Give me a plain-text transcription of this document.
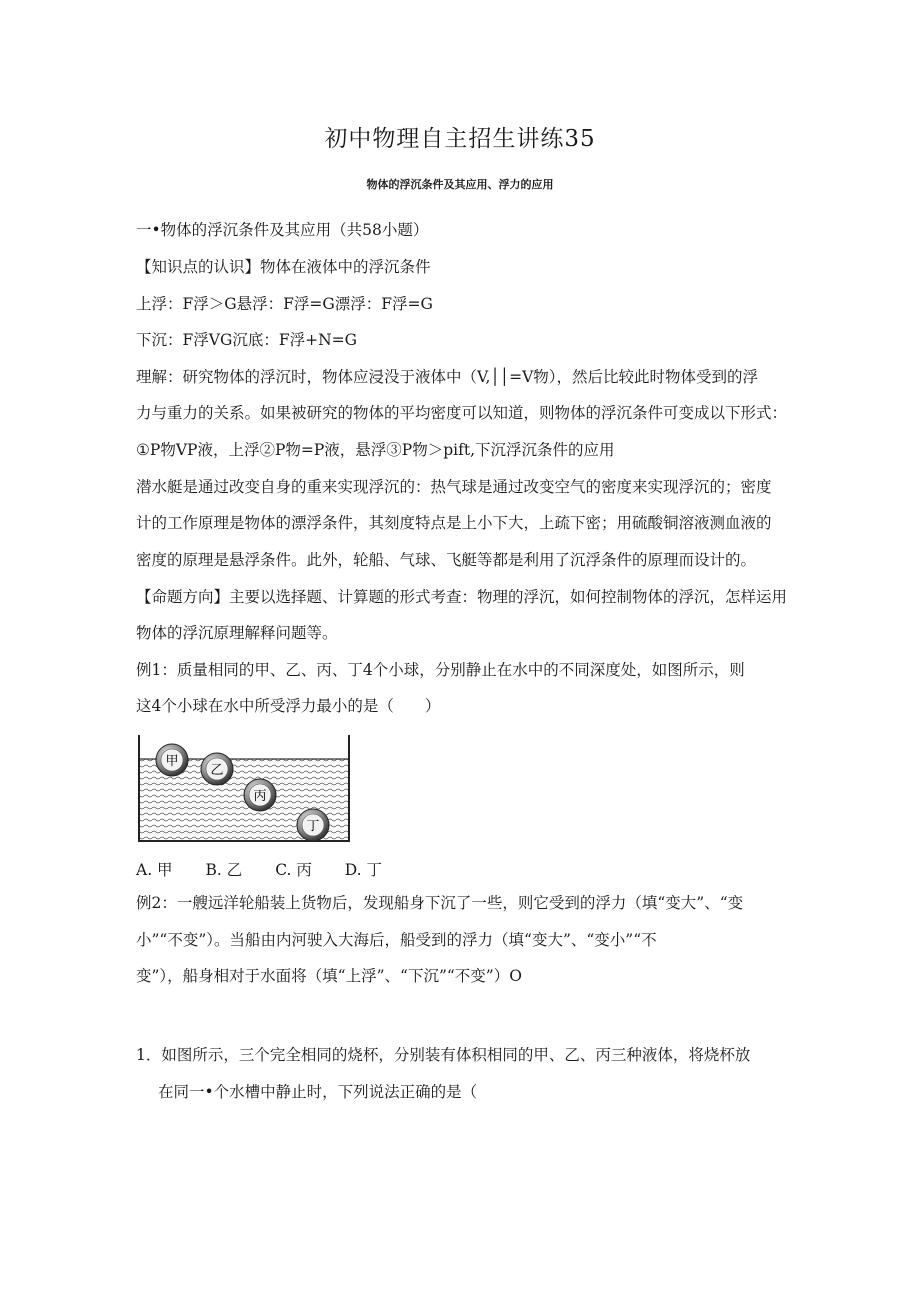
初中物理自主招生讲练35
物体的浮沉条件及其应用、浮力的应用
一•物体的浮沉条件及其应用（共58小题）
【知识点的认识】物体在液体中的浮沉条件
上浮：F浮＞G悬浮：F浮=G漂浮：F浮=G
下沉：F浮VG沉底：F浮+N=G
理解：研究物体的浮沉时，物体应浸没于液体中（V,││=V物），然后比较此时物体受到的浮
力与重力的关系。如果被研究的物体的平均密度可以知道，则物体的浮沉条件可变成以下形式：
①P物VP液，上浮②P物=P液，悬浮③P物＞pift,下沉浮沉条件的应用
潜水艇是通过改变自身的重来实现浮沉的：热气球是通过改变空气的密度来实现浮沉的；密度
计的工作原理是物体的漂浮条件，其刻度特点是上小下大，上疏下密；用硫酸铜溶液测血液的
密度的原理是悬浮条件。此外，轮船、气球、飞艇等都是利用了沉浮条件的原理而设计的。
【命题方向】主要以选择题、计算题的形式考查：物理的浮沉，如何控制物体的浮沉，怎样运用
物体的浮沉原理解释问题等。
例1：质量相同的甲、乙、丙、丁4个小球，分别静止在水中的不同深度处，如图所示，则
这4个小球在水中所受浮力最小的是（　　）
甲
乙
丙
丁
A. 甲 B. 乙 C. 丙 D. 丁
例2：一艘远洋轮船装上货物后，发现船身下沉了一些，则它受到的浮力（填“变大”、“变
小”“不变”）。当船由内河驶入大海后，船受到的浮力（填“变大”、“变小”“不
变”），船身相对于水面将（填“上浮”、“下沉”“不变”）O
1．如图所示，三个完全相同的烧杯，分别装有体积相同的甲、乙、丙三种液体，将烧杯放
在同一•个水槽中静止时，下列说法正确的是（
